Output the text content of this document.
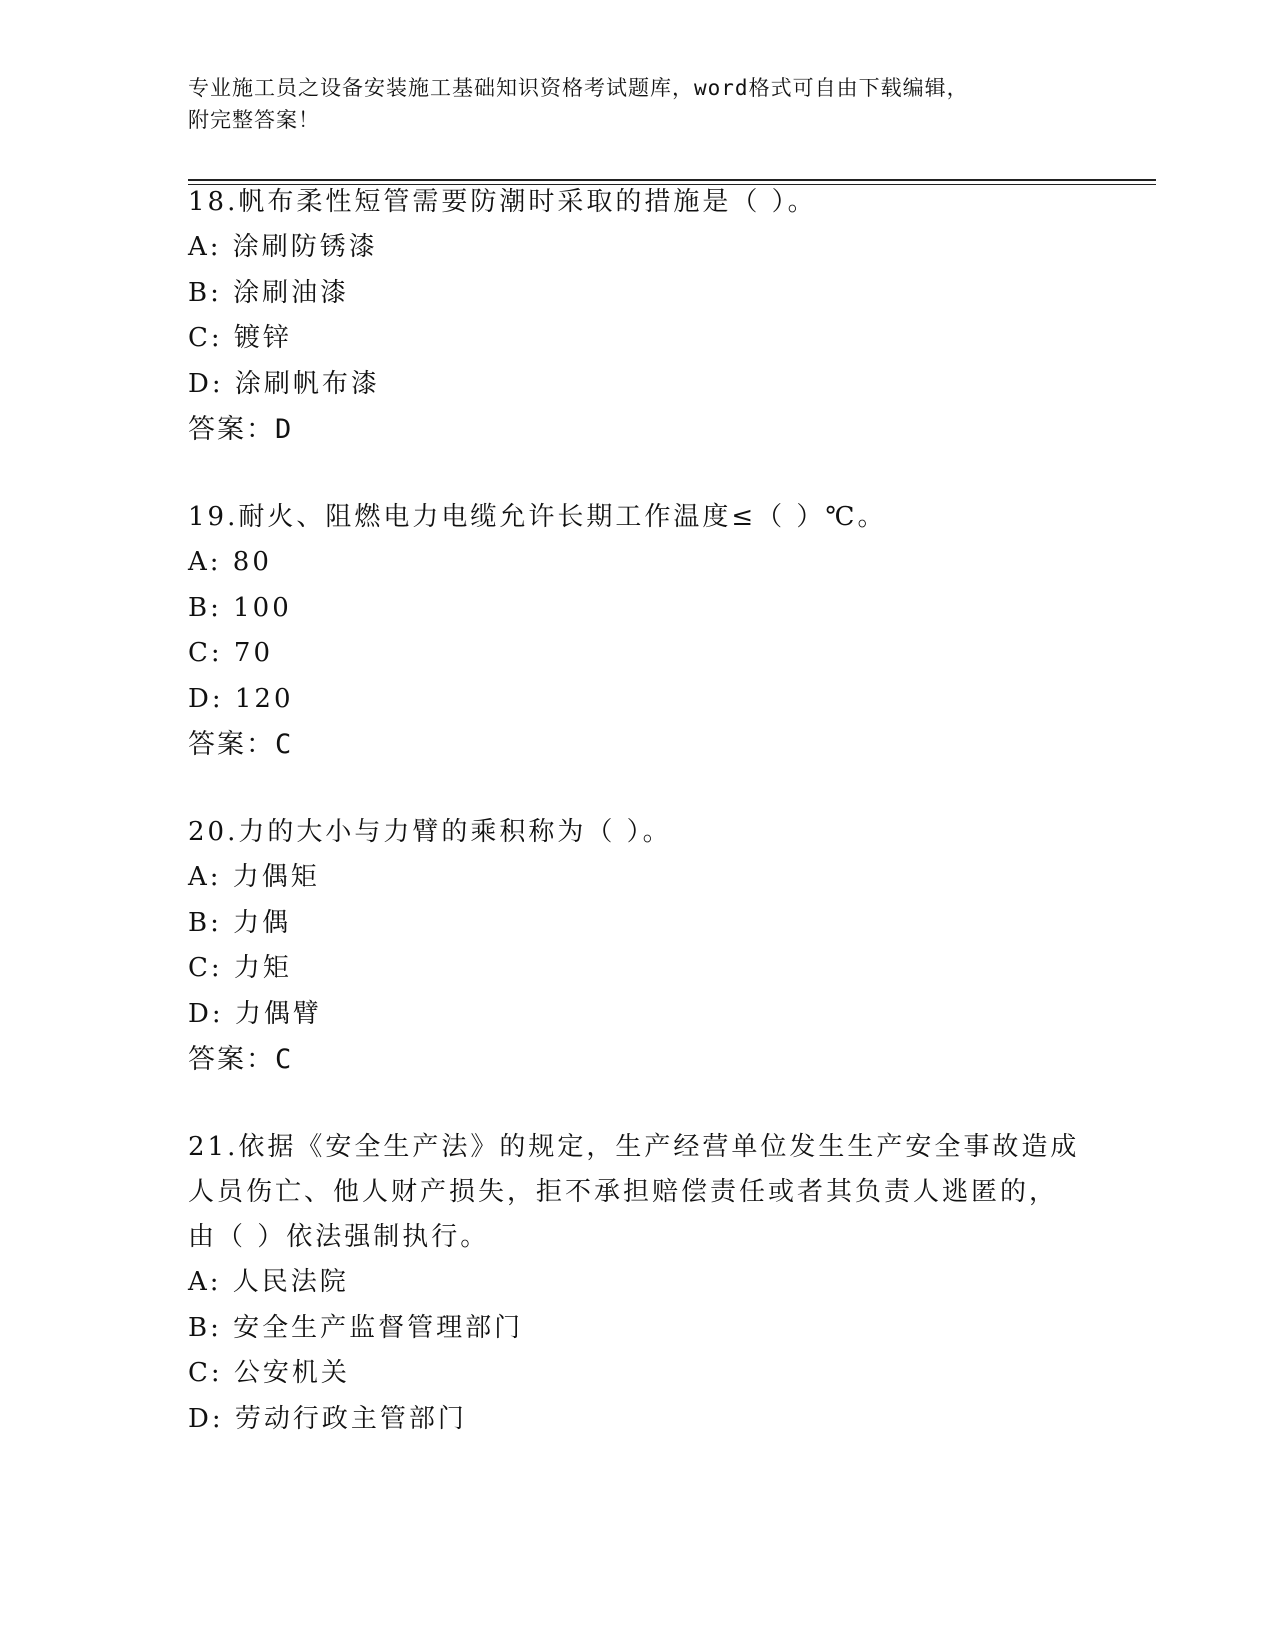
专业施工员之设备安装施工基础知识资格考试题库，word格式可自由下载编辑，
附完整答案！
18.帆布柔性短管需要防潮时采取的措施是（ ）。
A: 涂刷防锈漆
B: 涂刷油漆
C: 镀锌
D: 涂刷帆布漆
答案：D
19.耐火、阻燃电力电缆允许长期工作温度≤（ ）℃。
A: 80
B: 100
C: 70
D: 120
答案：C
20.力的大小与力臂的乘积称为（ ）。
A: 力偶矩
B: 力偶
C: 力矩
D: 力偶臂
答案：C
21.依据《安全生产法》的规定，生产经营单位发生生产安全事故造成
人员伤亡、他人财产损失，拒不承担赔偿责任或者其负责人逃匿的，
由（ ）依法强制执行。
A: 人民法院
B: 安全生产监督管理部门
C: 公安机关
D: 劳动行政主管部门
